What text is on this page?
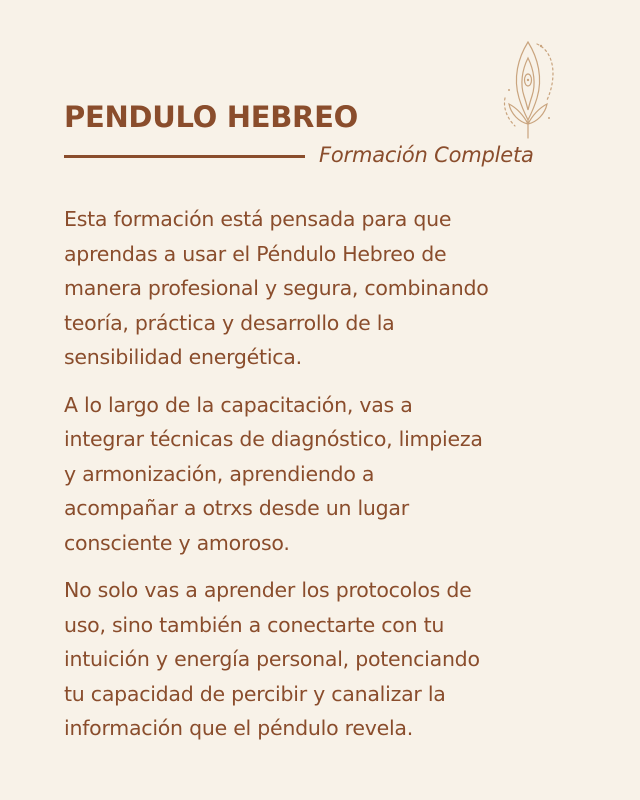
PENDULO HEBREO
Formación Completa

Esta formación está pensada para que
aprendas a usar el Péndulo Hebreo de
manera profesional y segura, combinando
teoría, práctica y desarrollo de la
sensibilidad energética.

A lo largo de la capacitación, vas a
integrar técnicas de diagnóstico, limpieza
y armonización, aprendiendo a
acompañar a otrxs desde un lugar
consciente y amoroso.

No solo vas a aprender los protocolos de
uso, sino también a conectarte con tu
intuición y energía personal, potenciando
tu capacidad de percibir y canalizar la
información que el péndulo revela.
